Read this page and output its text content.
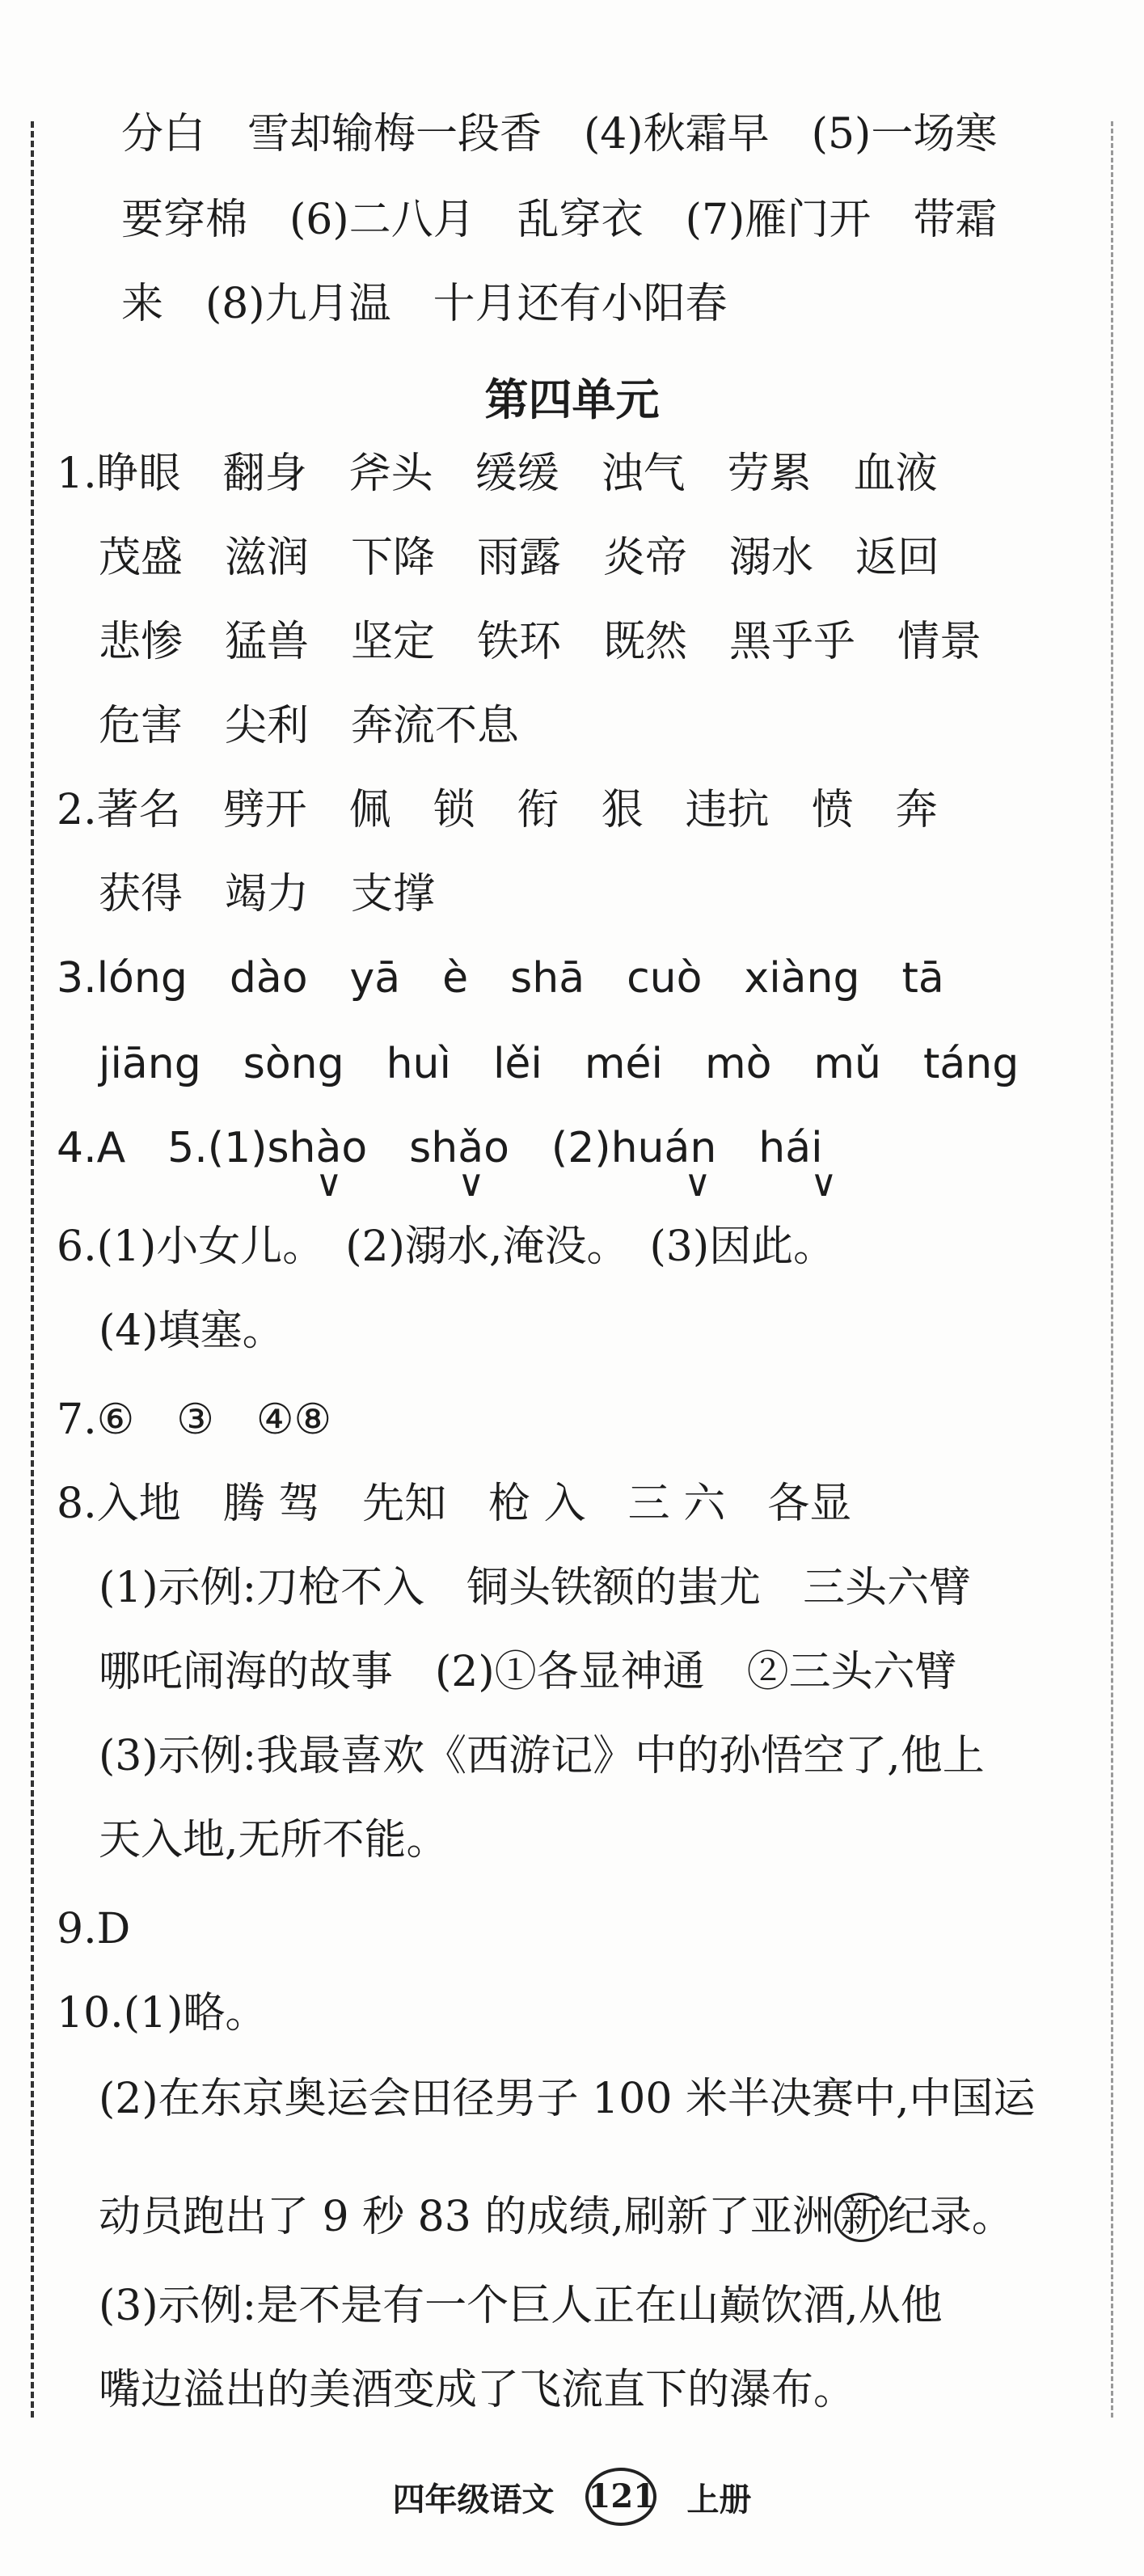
分白　雪却输梅一段香　(4)秋霜早　(5)一场寒
要穿棉　(6)二八月　乱穿衣　(7)雁门开　带霜
来　(8)九月温　十月还有小阳春
第四单元
1.睁眼　翻身　斧头　缓缓　浊气　劳累　血液
　茂盛　滋润　下降　雨露　炎帝　溺水　返回
　悲惨　猛兽　坚定　铁环　既然　黑乎乎　情景
　危害　尖利　奔流不息
2.著名　劈开　佩　锁　衔　狠　违抗　愤　奔
　获得　竭力　支撑
3.lóng　dào　yā　è　shā　cuò　xiàng　tā
　jiāng　sòng　huì　lěi　méi　mò　mǔ　táng
4.A　5.(1)shào　shǎo　(2)huán　hái
∨	∨	∨	∨
6.(1)小女儿。　(2)溺水,淹没。　(3)因此。
　(4)填塞。
7.⑥　③　④⑧
8.入地　腾 驾　先知　枪 入　三 六　各显
　(1)示例:刀枪不入　铜头铁额的蚩尤　三头六臂
　哪吒闹海的故事　(2)①各显神通　②三头六臂
　(3)示例:我最喜欢《西游记》中的孙悟空了,他上
　天入地,无所不能。
9.D
10.(1)略。
　(2)在东京奥运会田径男子 100 米半决赛中,中国运
　动员跑出了 9 秒 83 的成绩,刷新了亚洲 新 纪录。
　(3)示例:是不是有一个巨人正在山巅饮酒,从他
　嘴边溢出的美酒变成了飞流直下的瀑布。
四年级语文 121 上册
